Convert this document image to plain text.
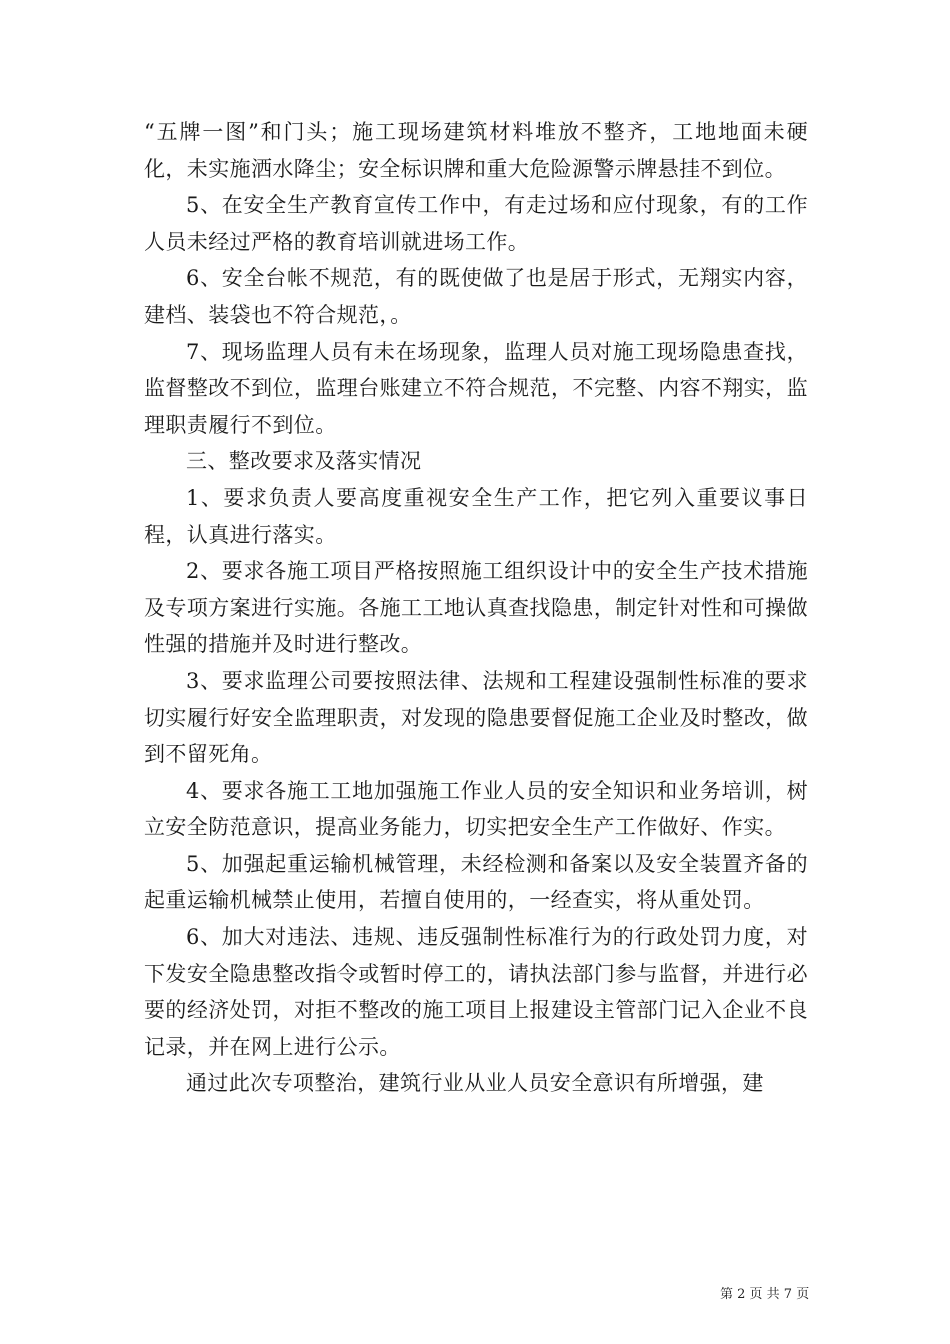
“五牌一图”和门头；施工现场建筑材料堆放不整齐，工地地面未硬化，未实施洒水降尘；安全标识牌和重大危险源警示牌悬挂不到位。

5、在安全生产教育宣传工作中，有走过场和应付现象，有的工作人员未经过严格的教育培训就进场工作。

6、安全台帐不规范，有的既使做了也是居于形式，无翔实内容，建档、装袋也不符合规范，。

7、现场监理人员有未在场现象，监理人员对施工现场隐患查找，监督整改不到位，监理台账建立不符合规范，不完整、内容不翔实，监理职责履行不到位。

三、整改要求及落实情况

1、要求负责人要高度重视安全生产工作，把它列入重要议事日程，认真进行落实。

2、要求各施工项目严格按照施工组织设计中的安全生产技术措施及专项方案进行实施。各施工工地认真查找隐患，制定针对性和可操做性强的措施并及时进行整改。

3、要求监理公司要按照法律、法规和工程建设强制性标准的要求切实履行好安全监理职责，对发现的隐患要督促施工企业及时整改，做到不留死角。

4、要求各施工工地加强施工作业人员的安全知识和业务培训，树立安全防范意识，提高业务能力，切实把安全生产工作做好、作实。

5、加强起重运输机械管理，未经检测和备案以及安全装置齐备的起重运输机械禁止使用，若擅自使用的，一经查实，将从重处罚。

6、加大对违法、违规、违反强制性标准行为的行政处罚力度，对下发安全隐患整改指令或暂时停工的，请执法部门参与监督，并进行必要的经济处罚，对拒不整改的施工项目上报建设主管部门记入企业不良记录，并在网上进行公示。

通过此次专项整治，建筑行业从业人员安全意识有所增强，建

第 2 页 共 7 页
